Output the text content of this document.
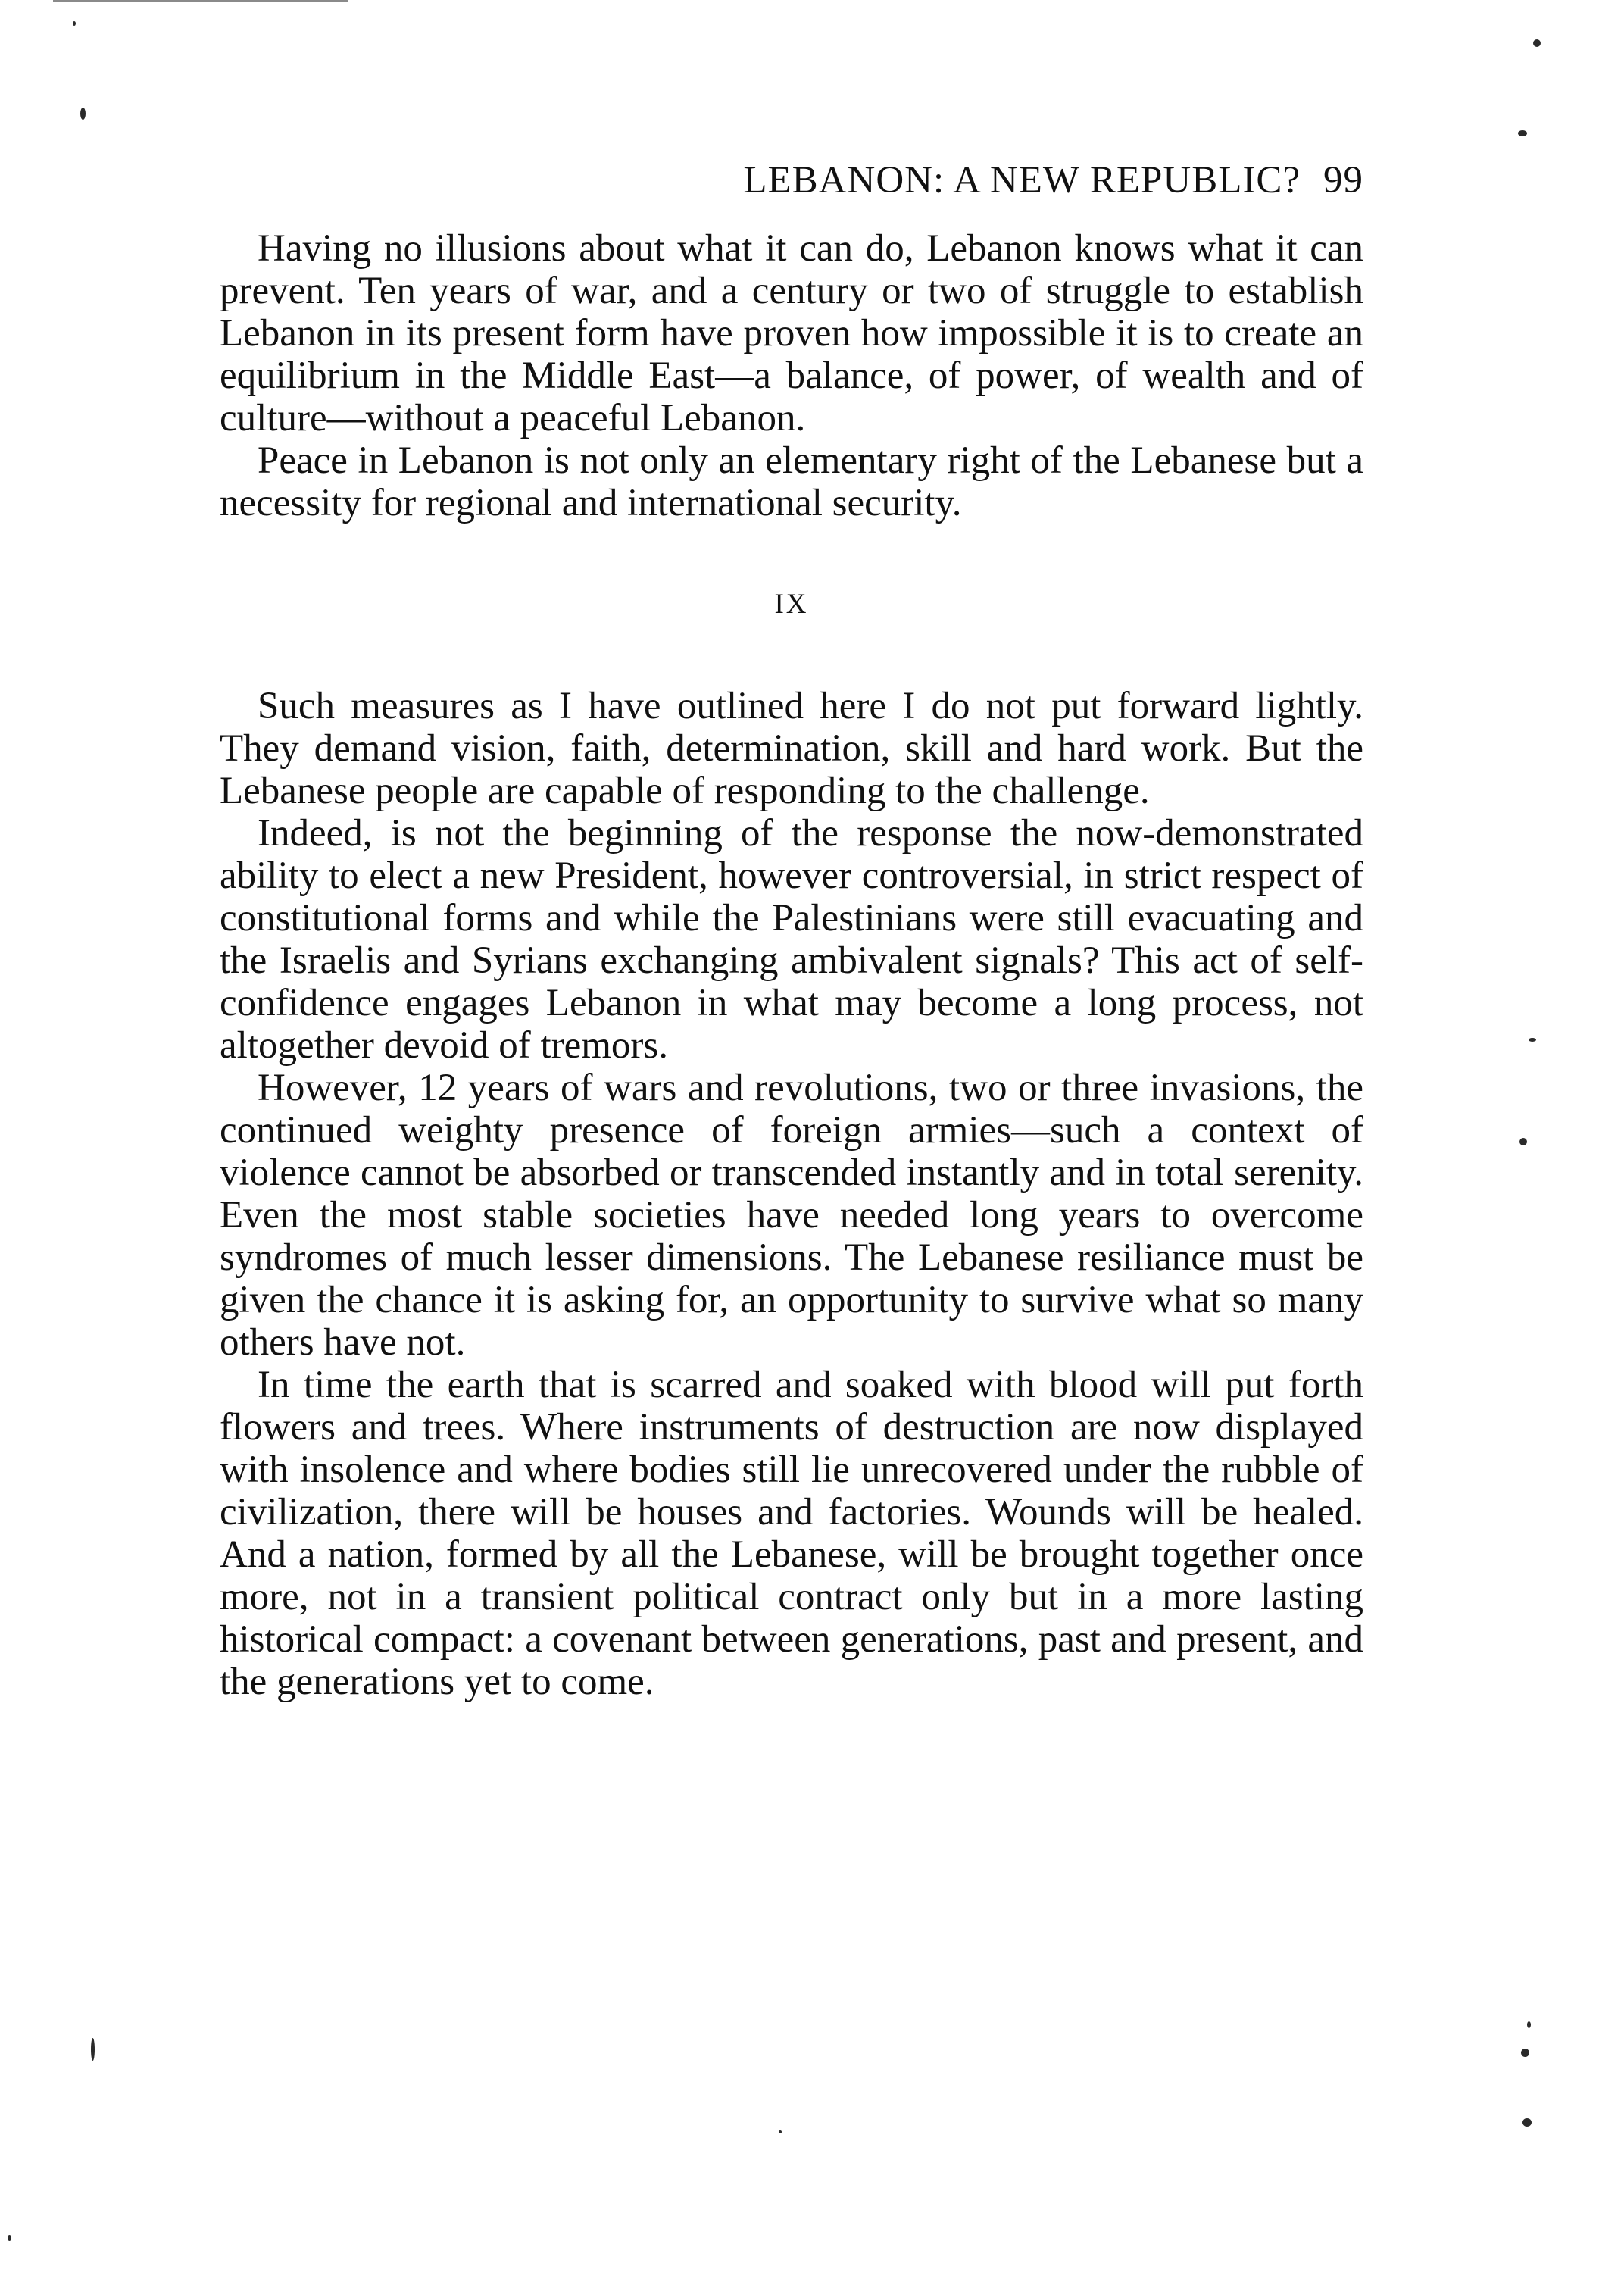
LEBANON: A NEW REPUBLIC? 99

Having no illusions about what it can do, Lebanon knows what it can prevent. Ten years of war, and a century or two of struggle to establish Lebanon in its present form have proven how impossible it is to create an equilibrium in the Middle East—a balance, of power, of wealth and of culture—without a peaceful Lebanon.

Peace in Lebanon is not only an elementary right of the Lebanese but a necessity for regional and international security.

IX

Such measures as I have outlined here I do not put forward lightly. They demand vision, faith, determination, skill and hard work. But the Lebanese people are capable of responding to the challenge.

Indeed, is not the beginning of the response the now-demonstrated ability to elect a new President, however controversial, in strict respect of constitutional forms and while the Palestinians were still evacuating and the Israelis and Syrians exchanging ambivalent signals? This act of self-confidence engages Lebanon in what may become a long process, not altogether devoid of tremors.

However, 12 years of wars and revolutions, two or three invasions, the continued weighty presence of foreign armies—such a context of violence cannot be absorbed or transcended instantly and in total serenity. Even the most stable societies have needed long years to overcome syndromes of much lesser dimensions. The Lebanese resiliance must be given the chance it is asking for, an opportunity to survive what so many others have not.

In time the earth that is scarred and soaked with blood will put forth flowers and trees. Where instruments of destruction are now displayed with insolence and where bodies still lie unrecovered under the rubble of civilization, there will be houses and factories. Wounds will be healed. And a nation, formed by all the Lebanese, will be brought together once more, not in a transient political contract only but in a more lasting historical compact: a covenant between generations, past and present, and the generations yet to come.
